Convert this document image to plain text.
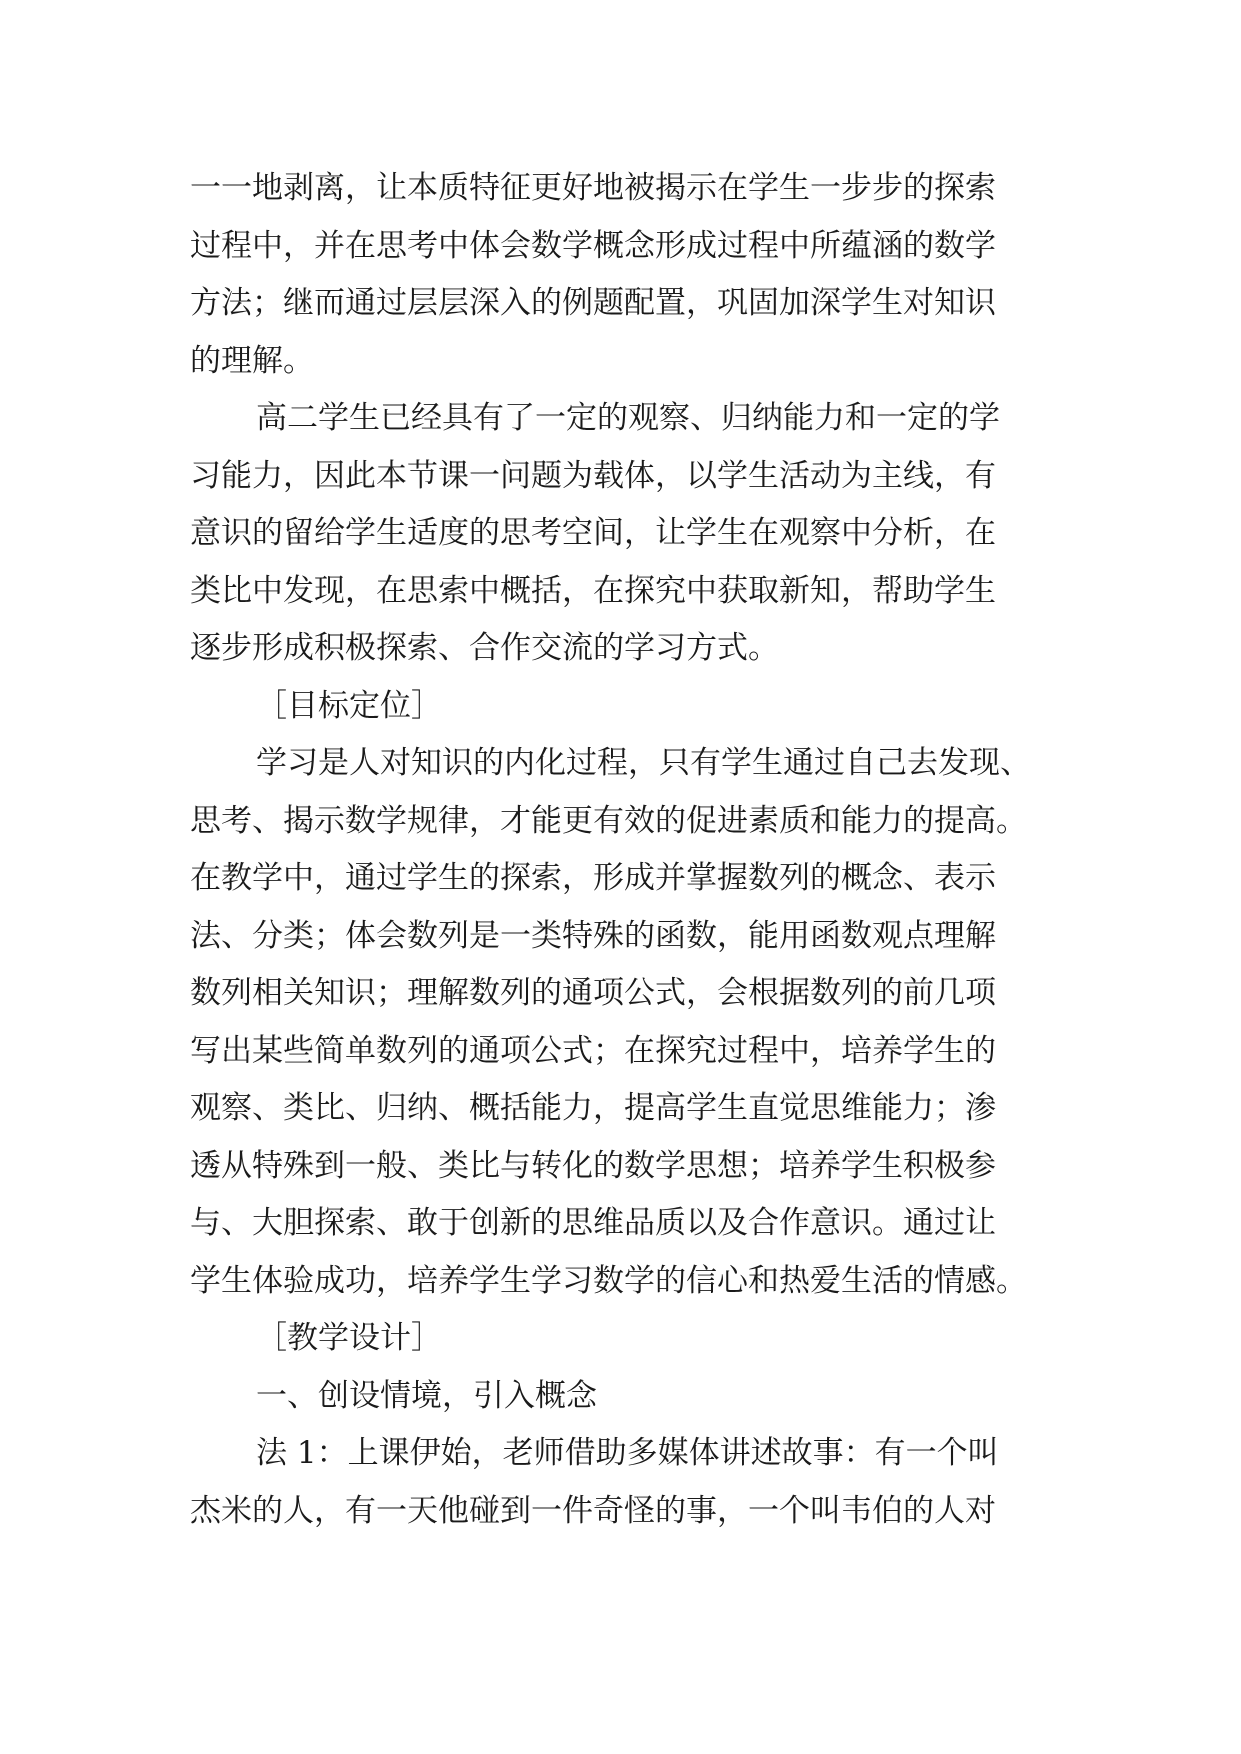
一一地剥离，让本质特征更好地被揭示在学生一步步的探索
过程中，并在思考中体会数学概念形成过程中所蕴涵的数学
方法；继而通过层层深入的例题配置，巩固加深学生对知识
的理解。
高二学生已经具有了一定的观察、归纳能力和一定的学
习能力，因此本节课一问题为载体，以学生活动为主线，有
意识的留给学生适度的思考空间，让学生在观察中分析，在
类比中发现，在思索中概括，在探究中获取新知，帮助学生
逐步形成积极探索、合作交流的学习方式。
［目标定位］
学习是人对知识的内化过程，只有学生通过自己去发现、
思考、揭示数学规律，才能更有效的促进素质和能力的提高。
在教学中，通过学生的探索，形成并掌握数列的概念、表示
法、分类；体会数列是一类特殊的函数，能用函数观点理解
数列相关知识；理解数列的通项公式，会根据数列的前几项
写出某些简单数列的通项公式；在探究过程中，培养学生的
观察、类比、归纳、概括能力，提高学生直觉思维能力；渗
透从特殊到一般、类比与转化的数学思想；培养学生积极参
与、大胆探索、敢于创新的思维品质以及合作意识。通过让
学生体验成功，培养学生学习数学的信心和热爱生活的情感。
［教学设计］
一、创设情境，引入概念
法 1：上课伊始，老师借助多媒体讲述故事：有一个叫
杰米的人，有一天他碰到一件奇怪的事，一个叫韦伯的人对
